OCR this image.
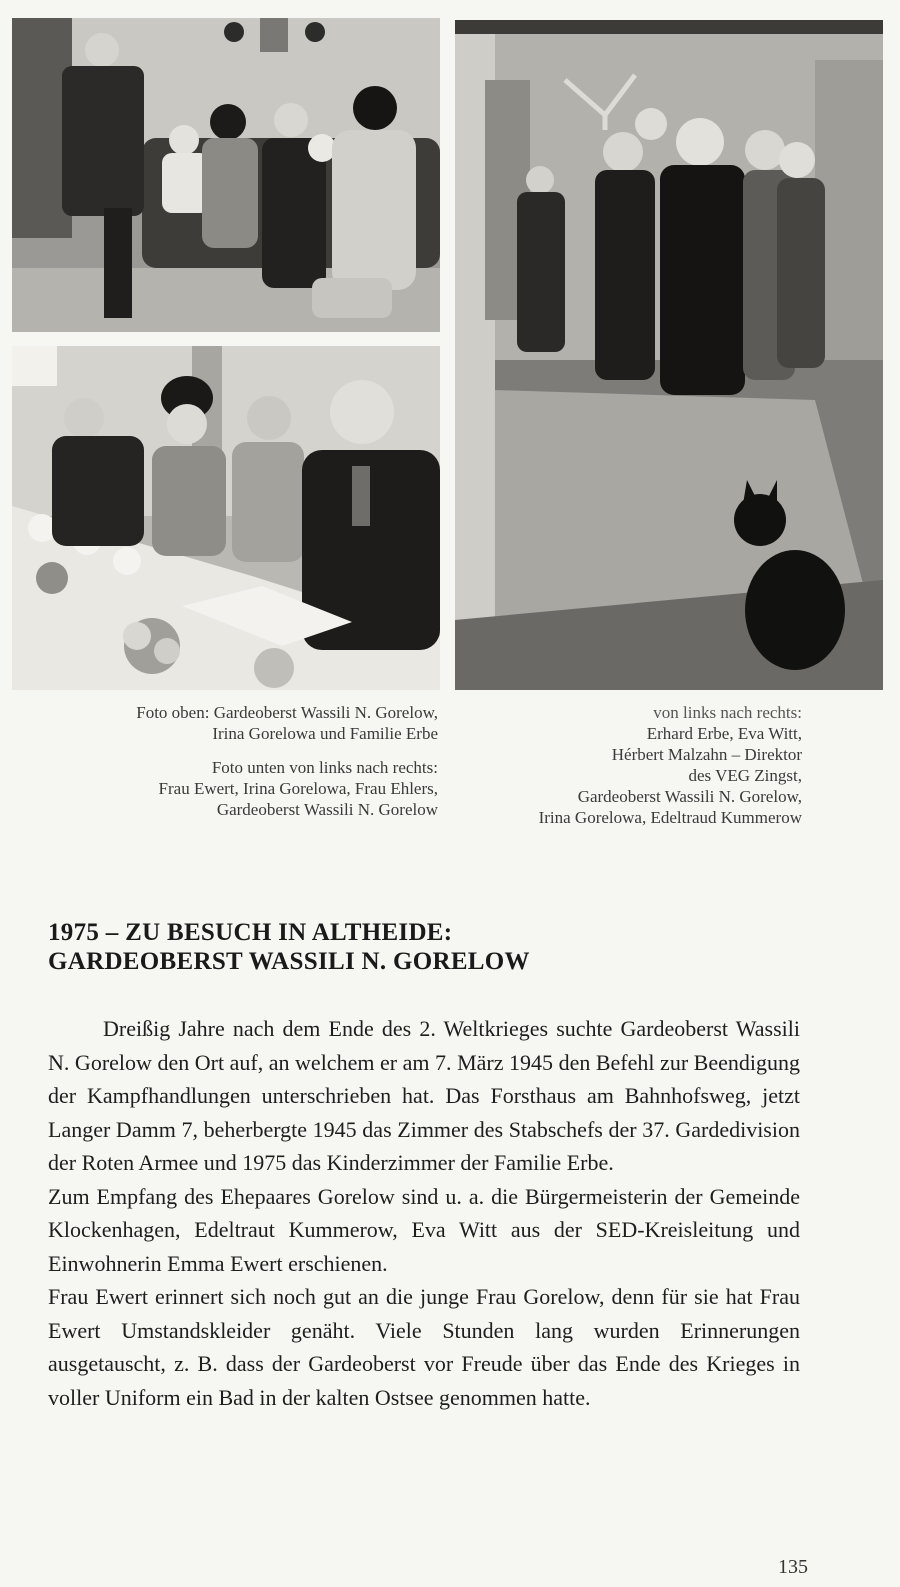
Foto oben: Gardeoberst Wassili N. Gorelow,
Irina Gorelowa und Familie Erbe
Foto unten von links nach rechts:
Frau Ewert, Irina Gorelowa, Frau Ehlers,
Gardeoberst Wassili N. Gorelow
von links nach rechts:
Erhard Erbe, Eva Witt,
Hérbert Malzahn – Direktor
des VEG Zingst,
Gardeoberst Wassili N. Gorelow,
Irina Gorelowa, Edeltraud Kummerow
1975 – ZU BESUCH IN ALTHEIDE:
GARDEOBERST WASSILI N. GORELOW

Dreißig Jahre nach dem Ende des 2. Weltkrieges suchte Gardeoberst Wassili N. Gorelow den Ort auf, an welchem er am 7. März 1945 den Befehl zur Beendigung der Kampfhandlungen unterschrieben hat. Das Forsthaus am Bahnhofsweg, jetzt Langer Damm 7, beherbergte 1945 das Zimmer des Stabschefs der 37. Gardedivision der Roten Armee und 1975 das Kinderzimmer der Familie Erbe.

Zum Empfang des Ehepaares Gorelow sind u. a. die Bürgermeisterin der Gemeinde Klockenhagen, Edeltraut Kummerow, Eva Witt aus der SED-Kreisleitung und Einwohnerin Emma Ewert erschienen.

Frau Ewert erinnert sich noch gut an die junge Frau Gorelow, denn für sie hat Frau Ewert Umstandskleider genäht. Viele Stunden lang wurden Erinnerungen ausgetauscht, z. B. dass der Gardeoberst vor Freude über das Ende des Krieges in voller Uniform ein Bad in der kalten Ostsee genommen hatte.

135
